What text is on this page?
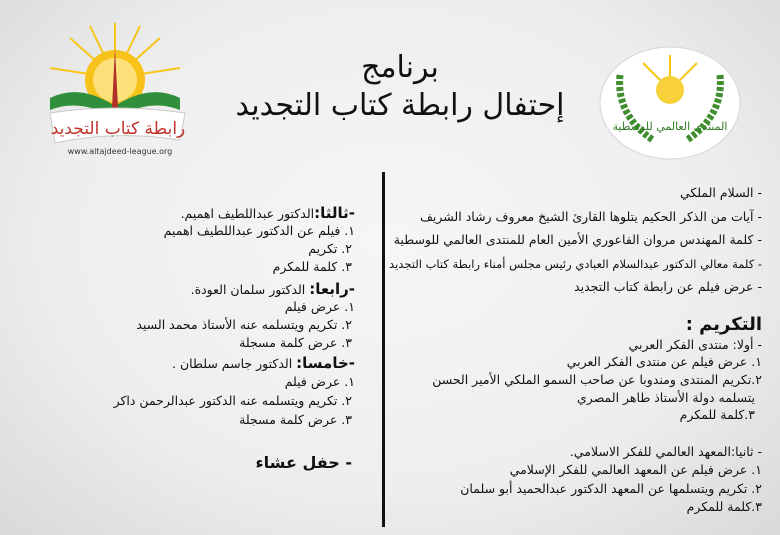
رابطة كتاب التجديد
www.altajdeed-league.org
المنتدى العالمي للوسطية
برنامج
إحتفال رابطة كتاب التجديد
- السلام الملكي
- آيات من الذكر الحكيم يتلوها القارئ الشيخ معروف رشاد الشريف
- كلمة المهندس مروان الفاعوري الأمين العام للمنتدى العالمي للوسطية
- كلمة معالي الدكتور عبدالسلام العبادي رئيس مجلس أمناء رابطة كتاب التجديد
- عرض فيلم عن رابطة كتاب التجديد
التكريم :
- أولا: منتدى الفكر العربي
١. عرض فيلم عن منتدى الفكر العربي
٢.تكريم المنتدى ومندوبا عن صاحب السمو الملكي الأمير الحسن
يتسلمه دولة الأستاذ طاهر المصري
٣.كلمة للمكرم
- ثانيا:المعهد العالمي للفكر الاسلامي.
١. عرض فيلم عن المعهد العالمي للفكر الإسلامي
٢. تكريم ويتسلمها عن المعهد الدكتور عبدالحميد أبو سلمان
٣.كلمة للمكرم
-ثالثا:الدكتور عبداللطيف اهميم.
١. فيلم عن الدكتور عبداللطيف اهميم
٢. تكريم
٣. كلمة للمكرم
-رابعا: الدكتور سلمان العودة.
١. عرض فيلم
٢. تكريم ويتسلمه عنه الأستاذ محمد السيد
٣. عرض كلمة مسجلة
-خامسا: الدكتور جاسم سلطان .
١. عرض فيلم
٢. تكريم ويتسلمه عنه الدكتور عبدالرحمن داكر
٣. عرض كلمة مسجلة
- حفل عشاء
